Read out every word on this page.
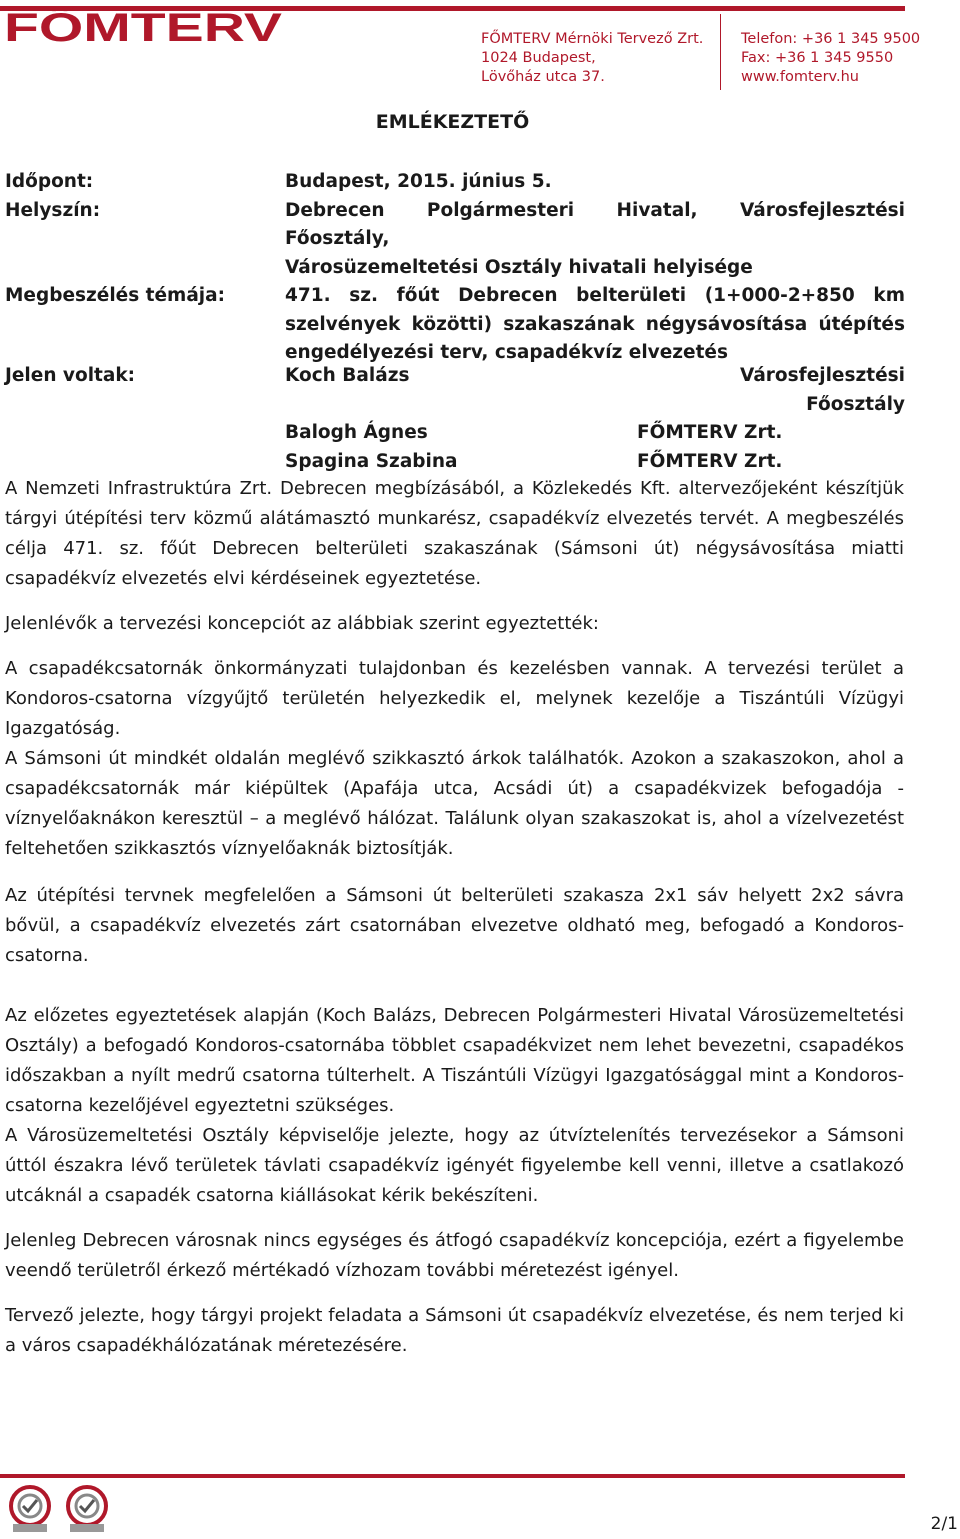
FŐMTERV	FŐMTERV Mérnöki Tervező Zrt.
1024 Budapest,
Lövőház utca 37.
Telefon: +36 1 345 9500
Fax: +36 1 345 9550
www.fomterv.hu
EMLÉKEZTETŐ
Időpont:	Budapest, 2015. június 5.
Helyszín:	Debrecen Polgármesteri Hivatal, Városfejlesztési Főosztály,
Városüzemeltetési Osztály hivatali helyisége
Megbeszélés témája:	471. sz. főút Debrecen belterületi (1+000-2+850 km
szelvények közötti) szakaszának négysávosítása útépítés
engedélyezési terv, csapadékvíz elvezetés
Jelen voltak:	Koch Balázs	Városfejlesztési Főosztály
Balogh Ágnes	FŐMTERV Zrt.
Spagina Szabina	FŐMTERV Zrt.

A Nemzeti Infrastruktúra Zrt. Debrecen megbízásából, a Közlekedés Kft. altervezőjeként készítjük tárgyi útépítési terv közmű alátámasztó munkarész, csapadékvíz elvezetés tervét. A megbeszélés célja 471. sz. főút Debrecen belterületi szakaszának (Sámsoni út) négysávosítása miatti csapadékvíz elvezetés elvi kérdéseinek egyeztetése.

Jelenlévők a tervezési koncepciót az alábbiak szerint egyeztették:

A csapadékcsatornák önkormányzati tulajdonban és kezelésben vannak. A tervezési terület a Kondoros-csatorna vízgyűjtő területén helyezkedik el, melynek kezelője a Tiszántúli Vízügyi Igazgatóság.

A Sámsoni út mindkét oldalán meglévő szikkasztó árkok találhatók. Azokon a szakaszokon, ahol a csapadékcsatornák már kiépültek (Apafája utca, Acsádi út) a csapadékvizek befogadója - víznyelőaknákon keresztül – a meglévő hálózat. Találunk olyan szakaszokat is, ahol a vízelvezetést feltehetően szikkasztós víznyelőaknák biztosítják.

Az útépítési tervnek megfelelően a Sámsoni út belterületi szakasza 2x1 sáv helyett 2x2 sávra bővül, a csapadékvíz elvezetés zárt csatornában elvezetve oldható meg, befogadó a Kondoros-csatorna.

Az előzetes egyeztetések alapján (Koch Balázs, Debrecen Polgármesteri Hivatal Városüzemeltetési Osztály) a befogadó Kondoros-csatornába többlet csapadékvizet nem lehet bevezetni, csapadékos időszakban a nyílt medrű csatorna túlterhelt. A Tiszántúli Vízügyi Igazgatósággal mint a Kondoros-csatorna kezelőjével egyeztetni szükséges.

A Városüzemeltetési Osztály képviselője jelezte, hogy az útvíztelenítés tervezésekor a Sámsoni úttól északra lévő területek távlati csapadékvíz igényét figyelembe kell venni, illetve a csatlakozó utcáknál a csapadék csatorna kiállásokat kérik bekészíteni.

Jelenleg Debrecen városnak nincs egységes és átfogó csapadékvíz koncepciója, ezért a figyelembe veendő területről érkező mértékadó vízhozam további méretezést igényel.

Tervező jelezte, hogy tárgyi projekt feladata a Sámsoni út csapadékvíz elvezetése, és nem terjed ki a város csapadékhálózatának méretezésére.

2/1
